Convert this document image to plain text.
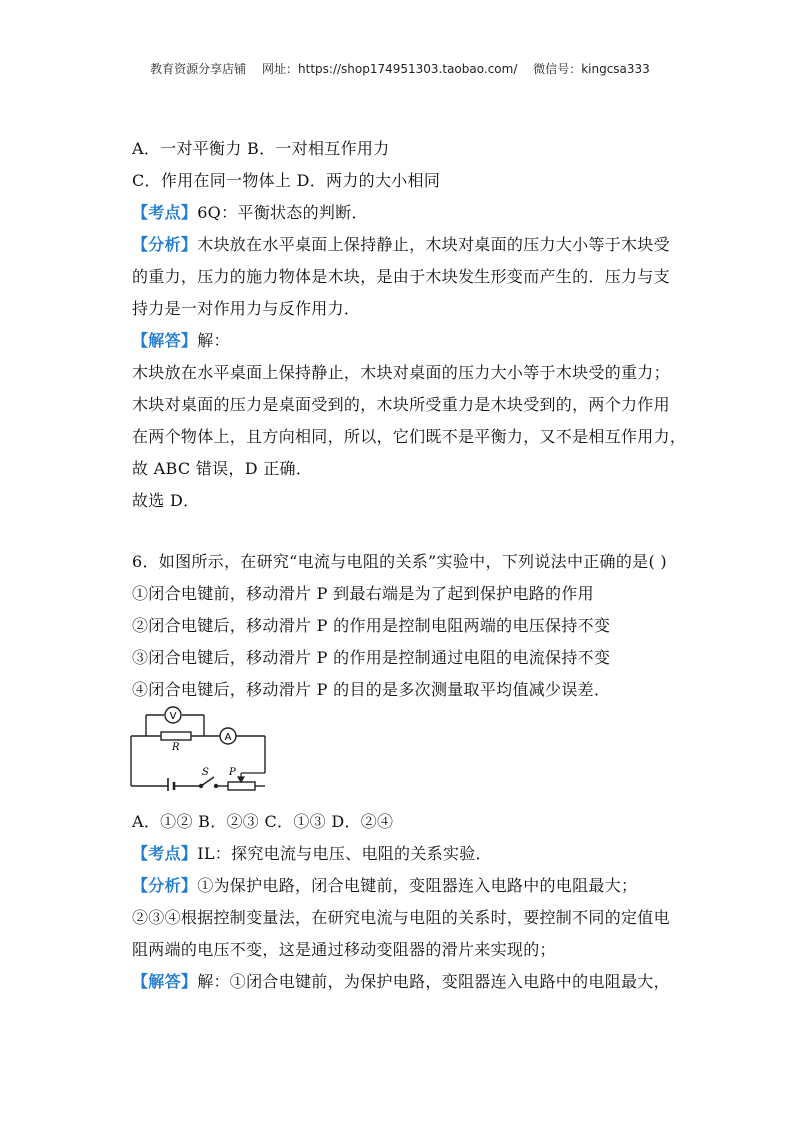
教育资源分享店铺 网址：https://shop174951303.taobao.com/ 微信号：kingcsa333
A．一对平衡力 B．一对相互作用力
C．作用在同一物体上 D．两力的大小相同
【考点】6Q：平衡状态的判断．
【分析】木块放在水平桌面上保持静止，木块对桌面的压力大小等于木块受
的重力，压力的施力物体是木块，是由于木块发生形变而产生的．压力与支
持力是一对作用力与反作用力．
【解答】解：
木块放在水平桌面上保持静止，木块对桌面的压力大小等于木块受的重力；
木块对桌面的压力是桌面受到的，木块所受重力是木块受到的，两个力作用
在两个物体上，且方向相同，所以，它们既不是平衡力，又不是相互作用力，
故 ABC 错误，D 正确．
故选 D．
6．如图所示，在研究“电流与电阻的关系”实验中，下列说法中正确的是( )
①闭合电键前，移动滑片 P 到最右端是为了起到保护电路的作用
②闭合电键后，移动滑片 P 的作用是控制电阻两端的电压保持不变
③闭合电键后，移动滑片 P 的作用是控制通过电阻的电流保持不变
④闭合电键后，移动滑片 P 的目的是多次测量取平均值减少误差．
V
R
A
S P
A．①② B．②③ C．①③ D．②④
【考点】IL：探究电流与电压、电阻的关系实验．
【分析】①为保护电路，闭合电键前，变阻器连入电路中的电阻最大；
②③④根据控制变量法，在研究电流与电阻的关系时，要控制不同的定值电
阻两端的电压不变，这是通过移动变阻器的滑片来实现的；
【解答】解：①闭合电键前，为保护电路，变阻器连入电路中的电阻最大，
